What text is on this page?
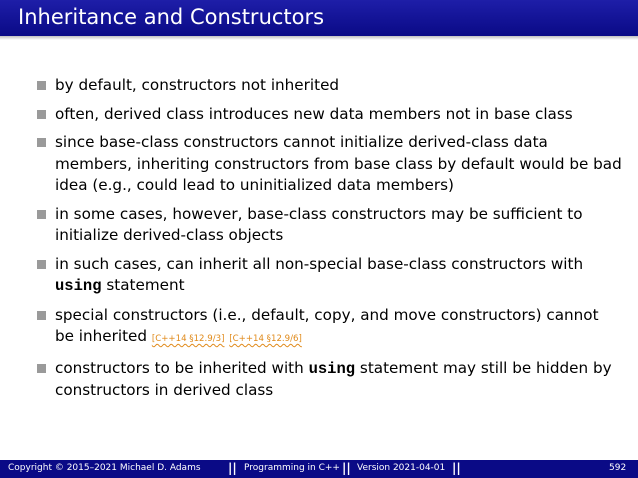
Inheritance and Constructors
by default, constructors not inherited
often, derived class introduces new data members not in base class
since base-class constructors cannot initialize derived-class data members, inheriting constructors from base class by default would be bad idea (e.g., could lead to uninitialized data members)
in some cases, however, base-class constructors may be sufficient to initialize derived-class objects
in such cases, can inherit all non-special base-class constructors with using statement
special constructors (i.e., default, copy, and move constructors) cannot be inherited [C++14 §12.9/3] [C++14 §12.9/6]
constructors to be inherited with using statement may still be hidden by constructors in derived class
Copyright © 2015–2021 Michael D. Adams || Programming in C++ || Version 2021-04-01 ||	592
